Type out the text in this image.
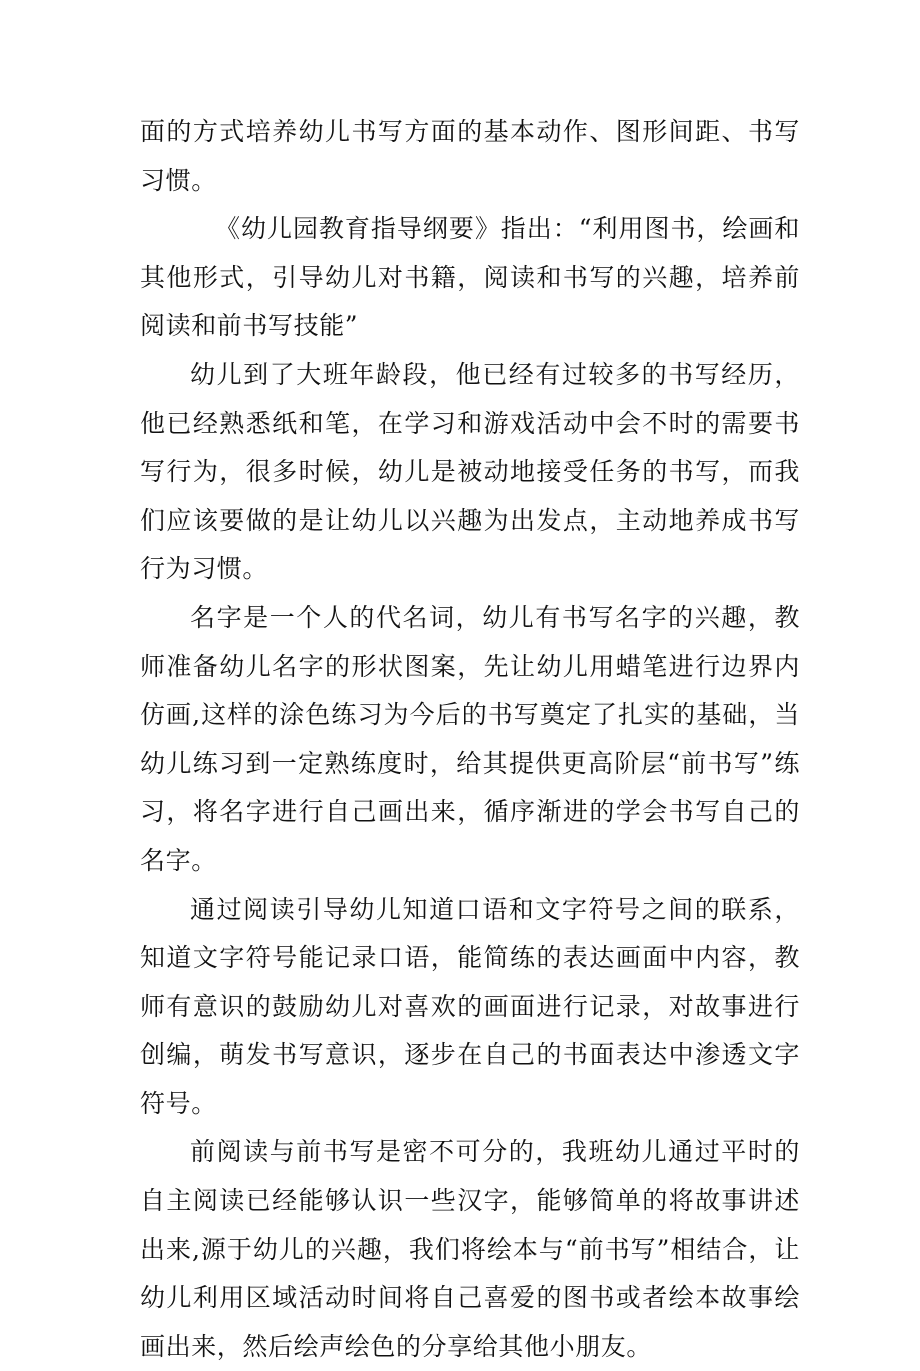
面的方式培养幼儿书写方面的基本动作、图形间距、书写习惯。

《幼儿园教育指导纲要》指出：“利用图书，绘画和其他形式，引导幼儿对书籍，阅读和书写的兴趣，培养前阅读和前书写技能”

幼儿到了大班年龄段，他已经有过较多的书写经历，他已经熟悉纸和笔，在学习和游戏活动中会不时的需要书写行为，很多时候，幼儿是被动地接受任务的书写，而我们应该要做的是让幼儿以兴趣为出发点，主动地养成书写行为习惯。

名字是一个人的代名词，幼儿有书写名字的兴趣，教师准备幼儿名字的形状图案，先让幼儿用蜡笔进行边界内仿画,这样的涂色练习为今后的书写奠定了扎实的基础，当幼儿练习到一定熟练度时，给其提供更高阶层“前书写”练习，将名字进行自己画出来，循序渐进的学会书写自己的名字。

通过阅读引导幼儿知道口语和文字符号之间的联系，知道文字符号能记录口语，能简练的表达画面中内容，教师有意识的鼓励幼儿对喜欢的画面进行记录，对故事进行创编，萌发书写意识，逐步在自己的书面表达中渗透文字符号。

前阅读与前书写是密不可分的，我班幼儿通过平时的自主阅读已经能够认识一些汉字，能够简单的将故事讲述出来,源于幼儿的兴趣，我们将绘本与“前书写”相结合，让幼儿利用区域活动时间将自己喜爱的图书或者绘本故事绘画出来，然后绘声绘色的分享给其他小朋友。
